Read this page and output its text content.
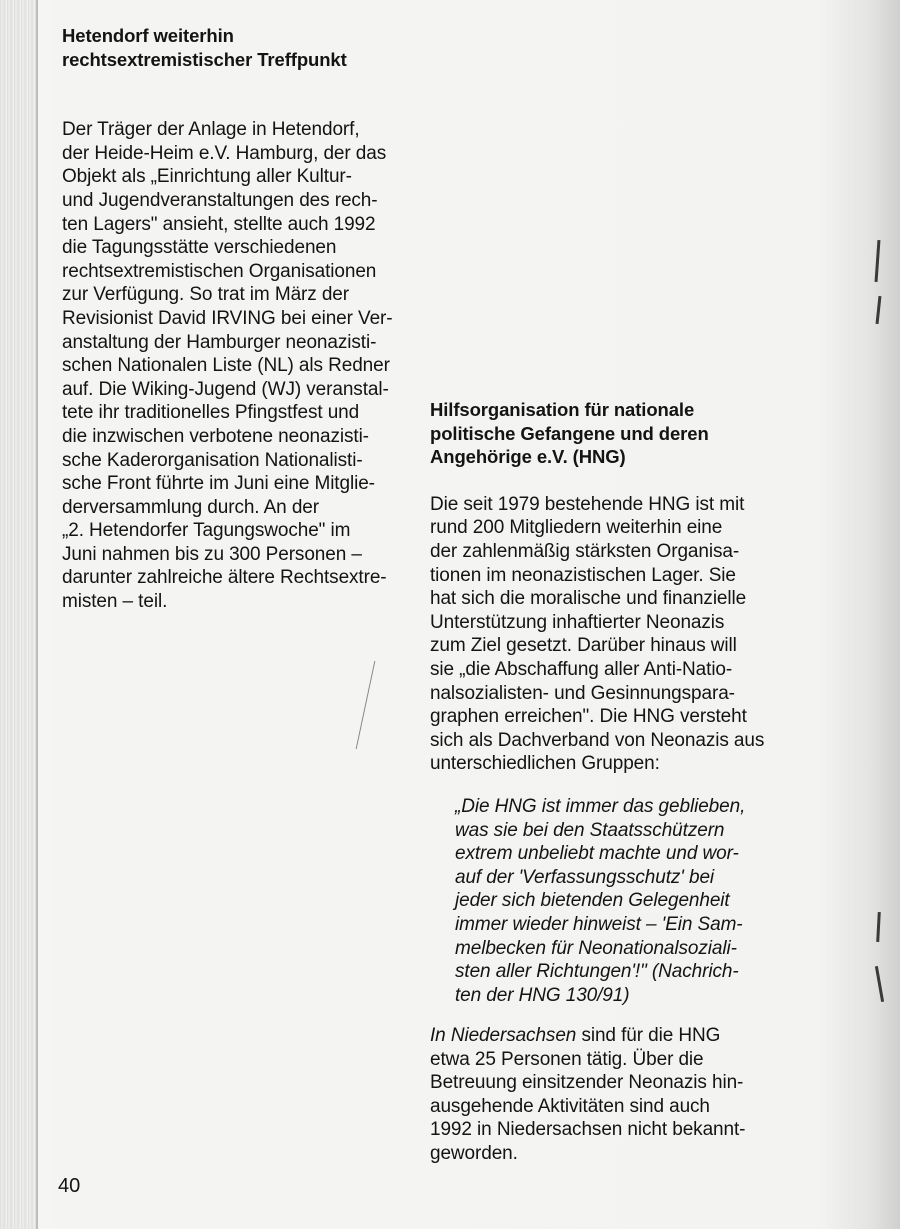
Hetendorf weiterhin
rechtsextremistischer Treffpunkt
Der Träger der Anlage in Hetendorf,
der Heide-Heim e.V. Hamburg, der das
Objekt als „Einrichtung aller Kultur-
und Jugendveranstaltungen des rech-
ten Lagers" ansieht, stellte auch 1992
die Tagungsstätte verschiedenen
rechtsextremistischen Organisationen
zur Verfügung. So trat im März der
Revisionist David IRVING bei einer Ver-
anstaltung der Hamburger neonazisti-
schen Nationalen Liste (NL) als Redner
auf. Die Wiking-Jugend (WJ) veranstal-
tete ihr traditionelles Pfingstfest und
die inzwischen verbotene neonazisti-
sche Kaderorganisation Nationalisti-
sche Front führte im Juni eine Mitglie-
derversammlung durch. An der
„2. Hetendorfer Tagungswoche" im
Juni nahmen bis zu 300 Personen –
darunter zahlreiche ältere Rechtsextre-
misten – teil.
Hilfsorganisation für nationale
politische Gefangene und deren
Angehörige e.V. (HNG)
Die seit 1979 bestehende HNG ist mit
rund 200 Mitgliedern weiterhin eine
der zahlenmäßig stärksten Organisa-
tionen im neonazistischen Lager. Sie
hat sich die moralische und finanzielle
Unterstützung inhaftierter Neonazis
zum Ziel gesetzt. Darüber hinaus will
sie „die Abschaffung aller Anti-Natio-
nalsozialisten- und Gesinnungspara-
graphen erreichen". Die HNG versteht
sich als Dachverband von Neonazis aus
unterschiedlichen Gruppen:
„Die HNG ist immer das geblieben,
was sie bei den Staatsschützern
extrem unbeliebt machte und wor-
auf der 'Verfassungsschutz' bei
jeder sich bietenden Gelegenheit
immer wieder hinweist – 'Ein Sam-
melbecken für Neonationalsoziali-
sten aller Richtungen'!" (Nachrich-
ten der HNG 130/91)
In Niedersachsen sind für die HNG
etwa 25 Personen tätig. Über die
Betreuung einsitzender Neonazis hin-
ausgehende Aktivitäten sind auch
1992 in Niedersachsen nicht bekannt-
geworden.
40
